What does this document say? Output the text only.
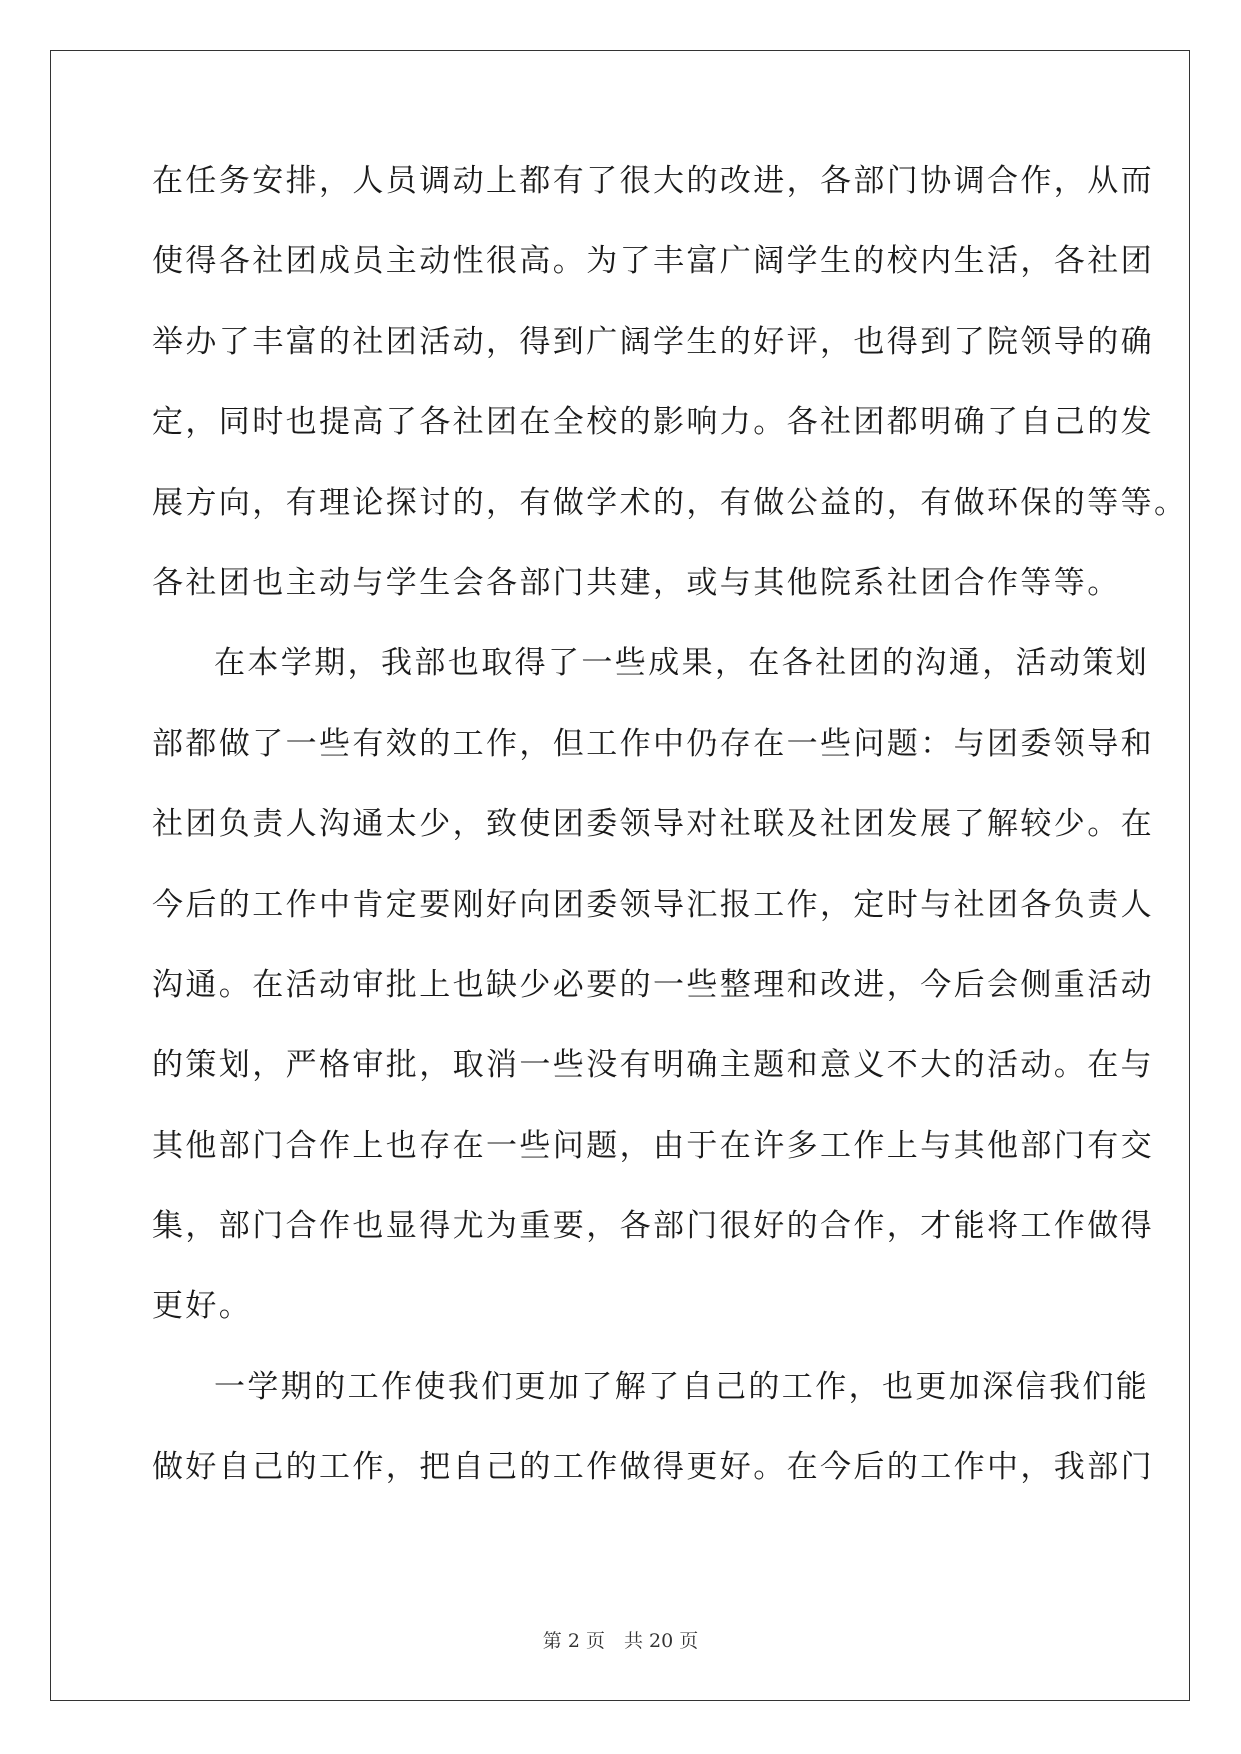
在任务安排，人员调动上都有了很大的改进，各部门协调合作，从而
使得各社团成员主动性很高。为了丰富广阔学生的校内生活，各社团
举办了丰富的社团活动，得到广阔学生的好评，也得到了院领导的确
定，同时也提高了各社团在全校的影响力。各社团都明确了自己的发
展方向，有理论探讨的，有做学术的，有做公益的，有做环保的等等。
各社团也主动与学生会各部门共建，或与其他院系社团合作等等。
在本学期，我部也取得了一些成果，在各社团的沟通，活动策划
部都做了一些有效的工作，但工作中仍存在一些问题：与团委领导和
社团负责人沟通太少，致使团委领导对社联及社团发展了解较少。在
今后的工作中肯定要刚好向团委领导汇报工作，定时与社团各负责人
沟通。在活动审批上也缺少必要的一些整理和改进，今后会侧重活动
的策划，严格审批，取消一些没有明确主题和意义不大的活动。在与
其他部门合作上也存在一些问题，由于在许多工作上与其他部门有交
集，部门合作也显得尤为重要，各部门很好的合作，才能将工作做得
更好。
一学期的工作使我们更加了解了自己的工作，也更加深信我们能
做好自己的工作，把自己的工作做得更好。在今后的工作中，我部门
第 2 页　共 20 页
